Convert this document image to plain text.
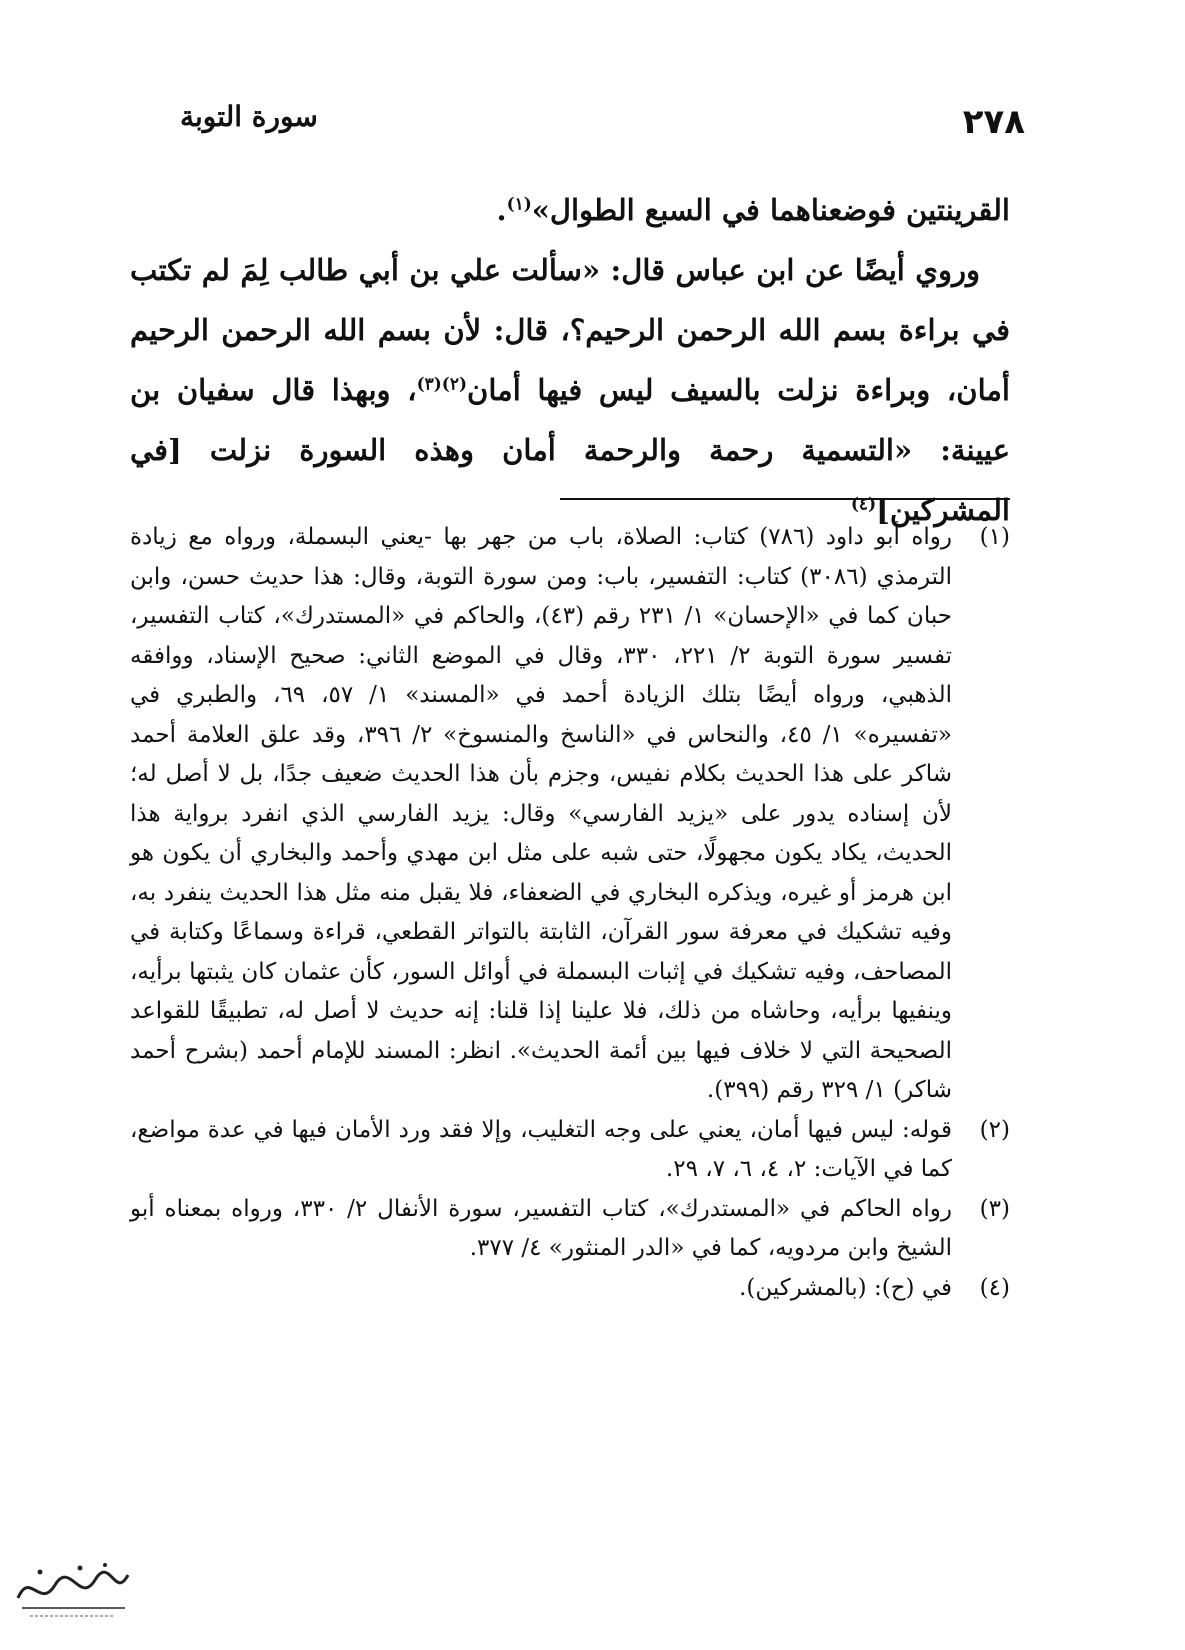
٢٧٨
سورة التوبة

القرينتين فوضعناهما في السبع الطوال»$^{(١)}$.

وروي أيضًا عن ابن عباس قال: «سألت علي بن أبي طالب لِمَ لم تكتب في براءة بسم الله الرحمن الرحيم؟، قال: لأن بسم الله الرحمن الرحيم أمان، وبراءة نزلت بالسيف ليس فيها أمان$^{(٢)(٣)}$، وبهذا قال سفيان بن عيينة: «التسمية رحمة والرحمة أمان وهذه السورة نزلت [في المشركين]$^{(٤)}$

(١)
رواه أبو داود (٧٨٦) كتاب: الصلاة، باب من جهر بها -يعني البسملة، ورواه مع زيادة الترمذي (٣٠٨٦) كتاب: التفسير، باب: ومن سورة التوبة، وقال: هذا حديث حسن، وابن حبان كما في «الإحسان» ١/ ٢٣١ رقم (٤٣)، والحاكم في «المستدرك»، كتاب التفسير، تفسير سورة التوبة ٢/ ٢٢١، ٣٣٠، وقال في الموضع الثاني: صحيح الإسناد، ووافقه الذهبي، ورواه أيضًا بتلك الزيادة أحمد في «المسند» ١/ ٥٧، ٦٩، والطبري في «تفسيره» ١/ ٤٥، والنحاس في «الناسخ والمنسوخ» ٢/ ٣٩٦، وقد علق العلامة أحمد شاكر على هذا الحديث بكلام نفيس، وجزم بأن هذا الحديث ضعيف جدًا، بل لا أصل له؛ لأن إسناده يدور على «يزيد الفارسي» وقال: يزيد الفارسي الذي انفرد برواية هذا الحديث، يكاد يكون مجهولًا، حتى شبه على مثل ابن مهدي وأحمد والبخاري أن يكون هو ابن هرمز أو غيره، ويذكره البخاري في الضعفاء، فلا يقبل منه مثل هذا الحديث ينفرد به، وفيه تشكيك في معرفة سور القرآن، الثابتة بالتواتر القطعي، قراءة وسماعًا وكتابة في المصاحف، وفيه تشكيك في إثبات البسملة في أوائل السور، كأن عثمان كان يثبتها برأيه، وينفيها برأيه، وحاشاه من ذلك، فلا علينا إذا قلنا: إنه حديث لا أصل له، تطبيقًا للقواعد الصحيحة التي لا خلاف فيها بين أئمة الحديث». انظر: المسند للإمام أحمد (بشرح أحمد شاكر) ١/ ٣٢٩ رقم (٣٩٩).
(٢)
قوله: ليس فيها أمان، يعني على وجه التغليب، وإلا فقد ورد الأمان فيها في عدة مواضع، كما في الآيات: ٢، ٤، ٦، ٧، ٢٩.
(٣)
رواه الحاكم في «المستدرك»، كتاب التفسير، سورة الأنفال ٢/ ٣٣٠، ورواه بمعناه أبو الشيخ وابن مردويه، كما في «الدر المنثور» ٤/ ٣٧٧.
(٤)
في (ح): (بالمشركين).
